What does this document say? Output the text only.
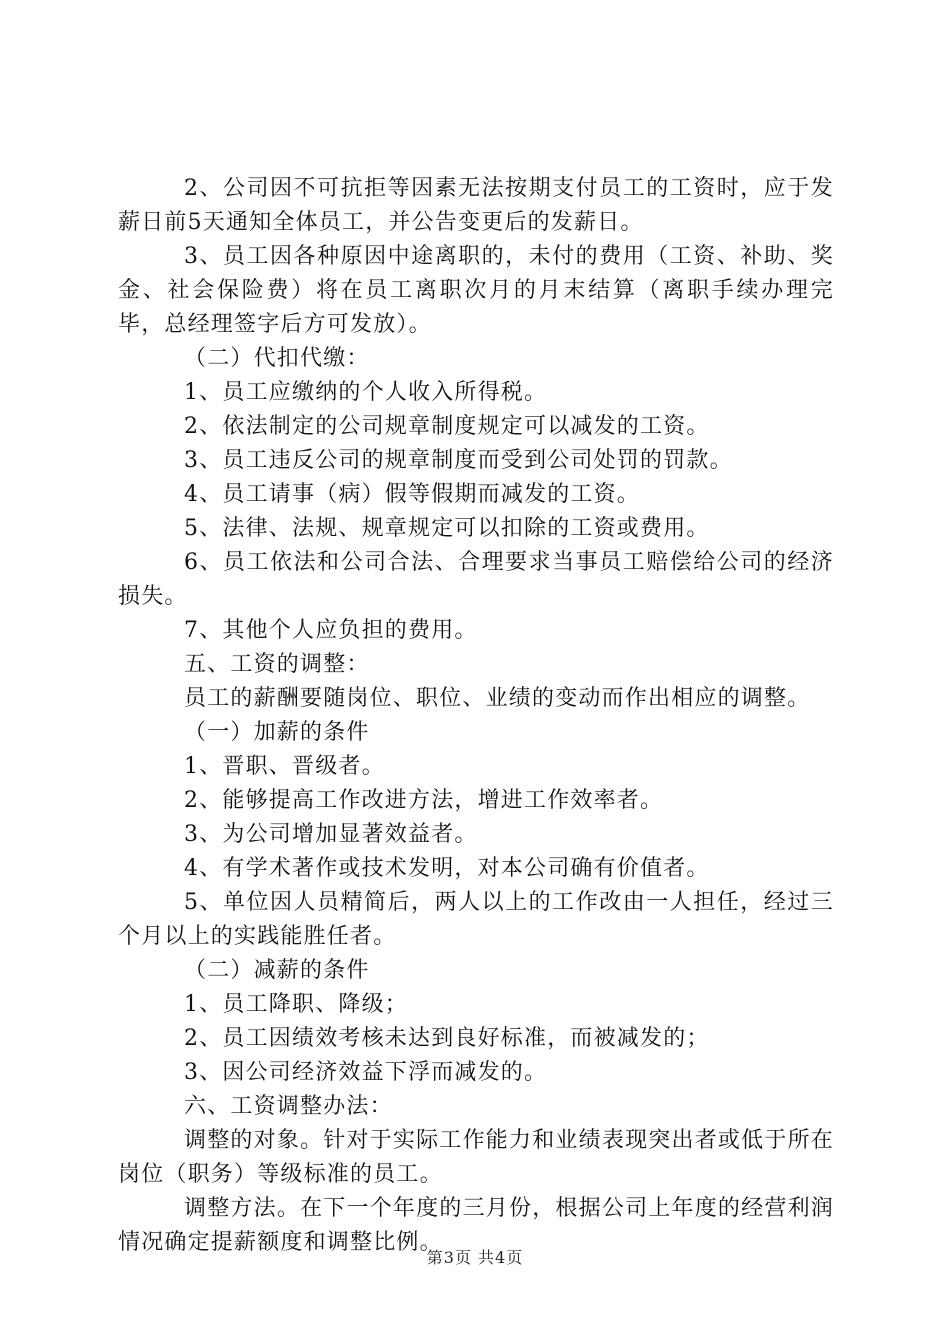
2、公司因不可抗拒等因素无法按期支付员工的工资时，应于发薪日前5天通知全体员工，并公告变更后的发薪日。

3、员工因各种原因中途离职的，未付的费用（工资、补助、奖金、社会保险费）将在员工离职次月的月末结算（离职手续办理完毕，总经理签字后方可发放）。

（二）代扣代缴：

1、员工应缴纳的个人收入所得税。

2、依法制定的公司规章制度规定可以减发的工资。

3、员工违反公司的规章制度而受到公司处罚的罚款。

4、员工请事（病）假等假期而减发的工资。

5、法律、法规、规章规定可以扣除的工资或费用。

6、员工依法和公司合法、合理要求当事员工赔偿给公司的经济损失。

7、其他个人应负担的费用。

五、工资的调整：

员工的薪酬要随岗位、职位、业绩的变动而作出相应的调整。

（一）加薪的条件

1、晋职、晋级者。

2、能够提高工作改进方法，增进工作效率者。

3、为公司增加显著效益者。

4、有学术著作或技术发明，对本公司确有价值者。

5、单位因人员精简后，两人以上的工作改由一人担任，经过三个月以上的实践能胜任者。

（二）减薪的条件

1、员工降职、降级；

2、员工因绩效考核未达到良好标准，而被减发的；

3、因公司经济效益下浮而减发的。

六、工资调整办法：

调整的对象。针对于实际工作能力和业绩表现突出者或低于所在岗位（职务）等级标准的员工。

调整方法。在下一个年度的三月份，根据公司上年度的经营利润情况确定提薪额度和调整比例。

第3页 共4页
